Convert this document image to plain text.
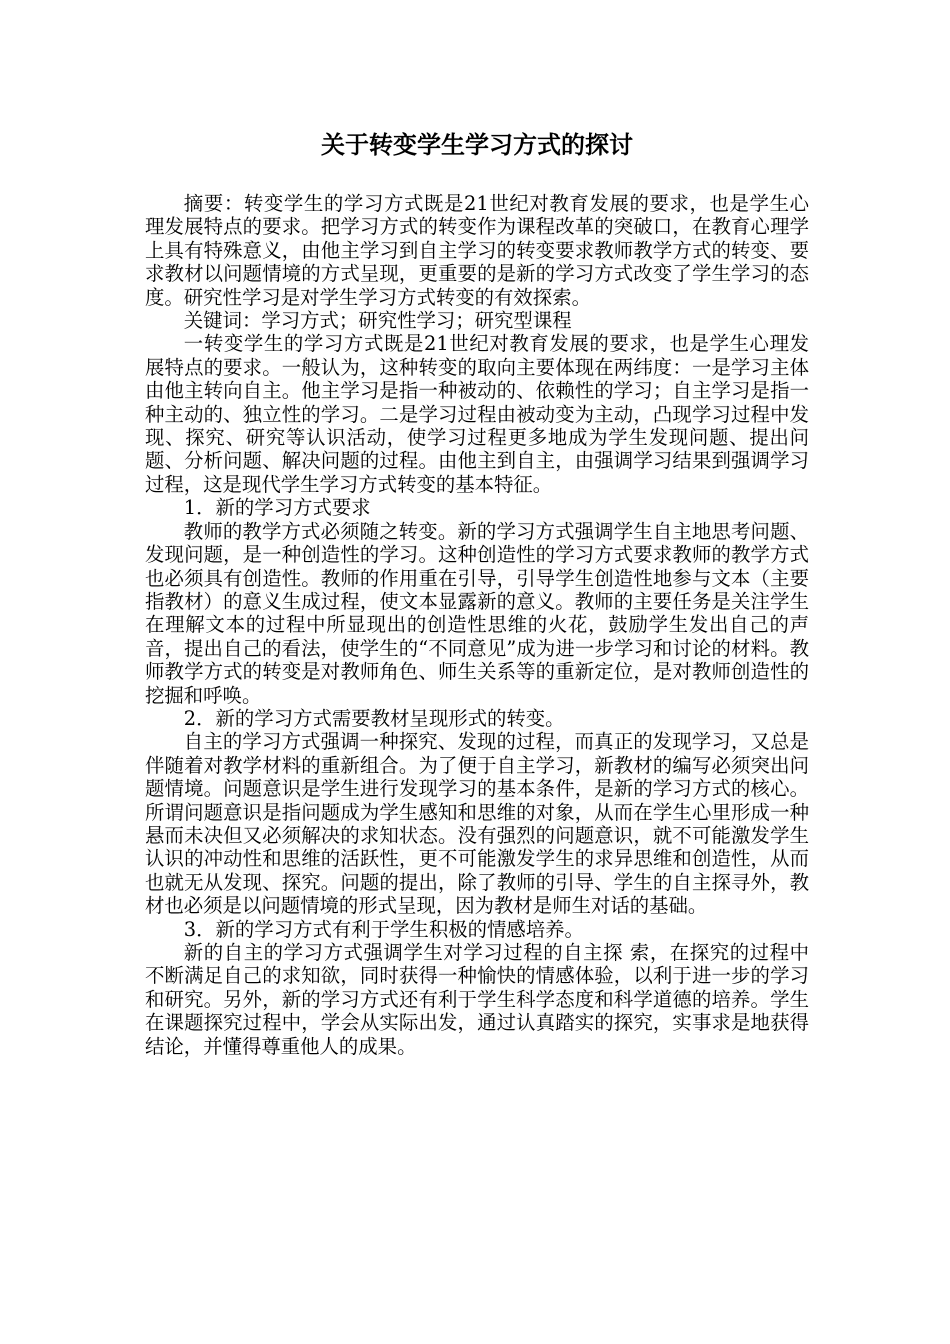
关于转变学生学习方式的探讨

摘要：转变学生的学习方式既是21世纪对教育发展的要求，也是学生心理发展特点的要求。把学习方式的转变作为课程改革的突破口，在教育心理学上具有特殊意义，由他主学习到自主学习的转变要求教师教学方式的转变、要求教材以问题情境的方式呈现，更重要的是新的学习方式改变了学生学习的态度。研究性学习是对学生学习方式转变的有效探索。

关键词：学习方式；研究性学习；研究型课程

一转变学生的学习方式既是21世纪对教育发展的要求，也是学生心理发展特点的要求。一般认为，这种转变的取向主要体现在两纬度：一是学习主体由他主转向自主。他主学习是指一种被动的、依赖性的学习；自主学习是指一种主动的、独立性的学习。二是学习过程由被动变为主动，凸现学习过程中发现、探究、研究等认识活动，使学习过程更多地成为学生发现问题、提出问题、分析问题、解决问题的过程。由他主到自主，由强调学习结果到强调学习过程，这是现代学生学习方式转变的基本特征。

1．新的学习方式要求

教师的教学方式必须随之转变。新的学习方式强调学生自主地思考问题、发现问题，是一种创造性的学习。这种创造性的学习方式要求教师的教学方式也必须具有创造性。教师的作用重在引导，引导学生创造性地参与文本（主要指教材）的意义生成过程，使文本显露新的意义。教师的主要任务是关注学生在理解文本的过程中所显现出的创造性思维的火花，鼓励学生发出自己的声音，提出自己的看法，使学生的“不同意见”成为进一步学习和讨论的材料。教师教学方式的转变是对教师角色、师生关系等的重新定位，是对教师创造性的挖掘和呼唤。

2．新的学习方式需要教材呈现形式的转变。

自主的学习方式强调一种探究、发现的过程，而真正的发现学习，又总是伴随着对教学材料的重新组合。为了便于自主学习，新教材的编写必须突出问题情境。问题意识是学生进行发现学习的基本条件，是新的学习方式的核心。所谓问题意识是指问题成为学生感知和思维的对象，从而在学生心里形成一种悬而未决但又必须解决的求知状态。没有强烈的问题意识，就不可能激发学生认识的冲动性和思维的活跃性，更不可能激发学生的求异思维和创造性，从而也就无从发现、探究。问题的提出，除了教师的引导、学生的自主探寻外，教材也必须是以问题情境的形式呈现，因为教材是师生对话的基础。

3．新的学习方式有利于学生积极的情感培养。

新的自主的学习方式强调学生对学习过程的自主探 索，在探究的过程中不断满足自己的求知欲，同时获得一种愉快的情感体验，以利于进一步的学习和研究。另外，新的学习方式还有利于学生科学态度和科学道德的培养。学生在课题探究过程中，学会从实际出发，通过认真踏实的探究，实事求是地获得结论，并懂得尊重他人的成果。
